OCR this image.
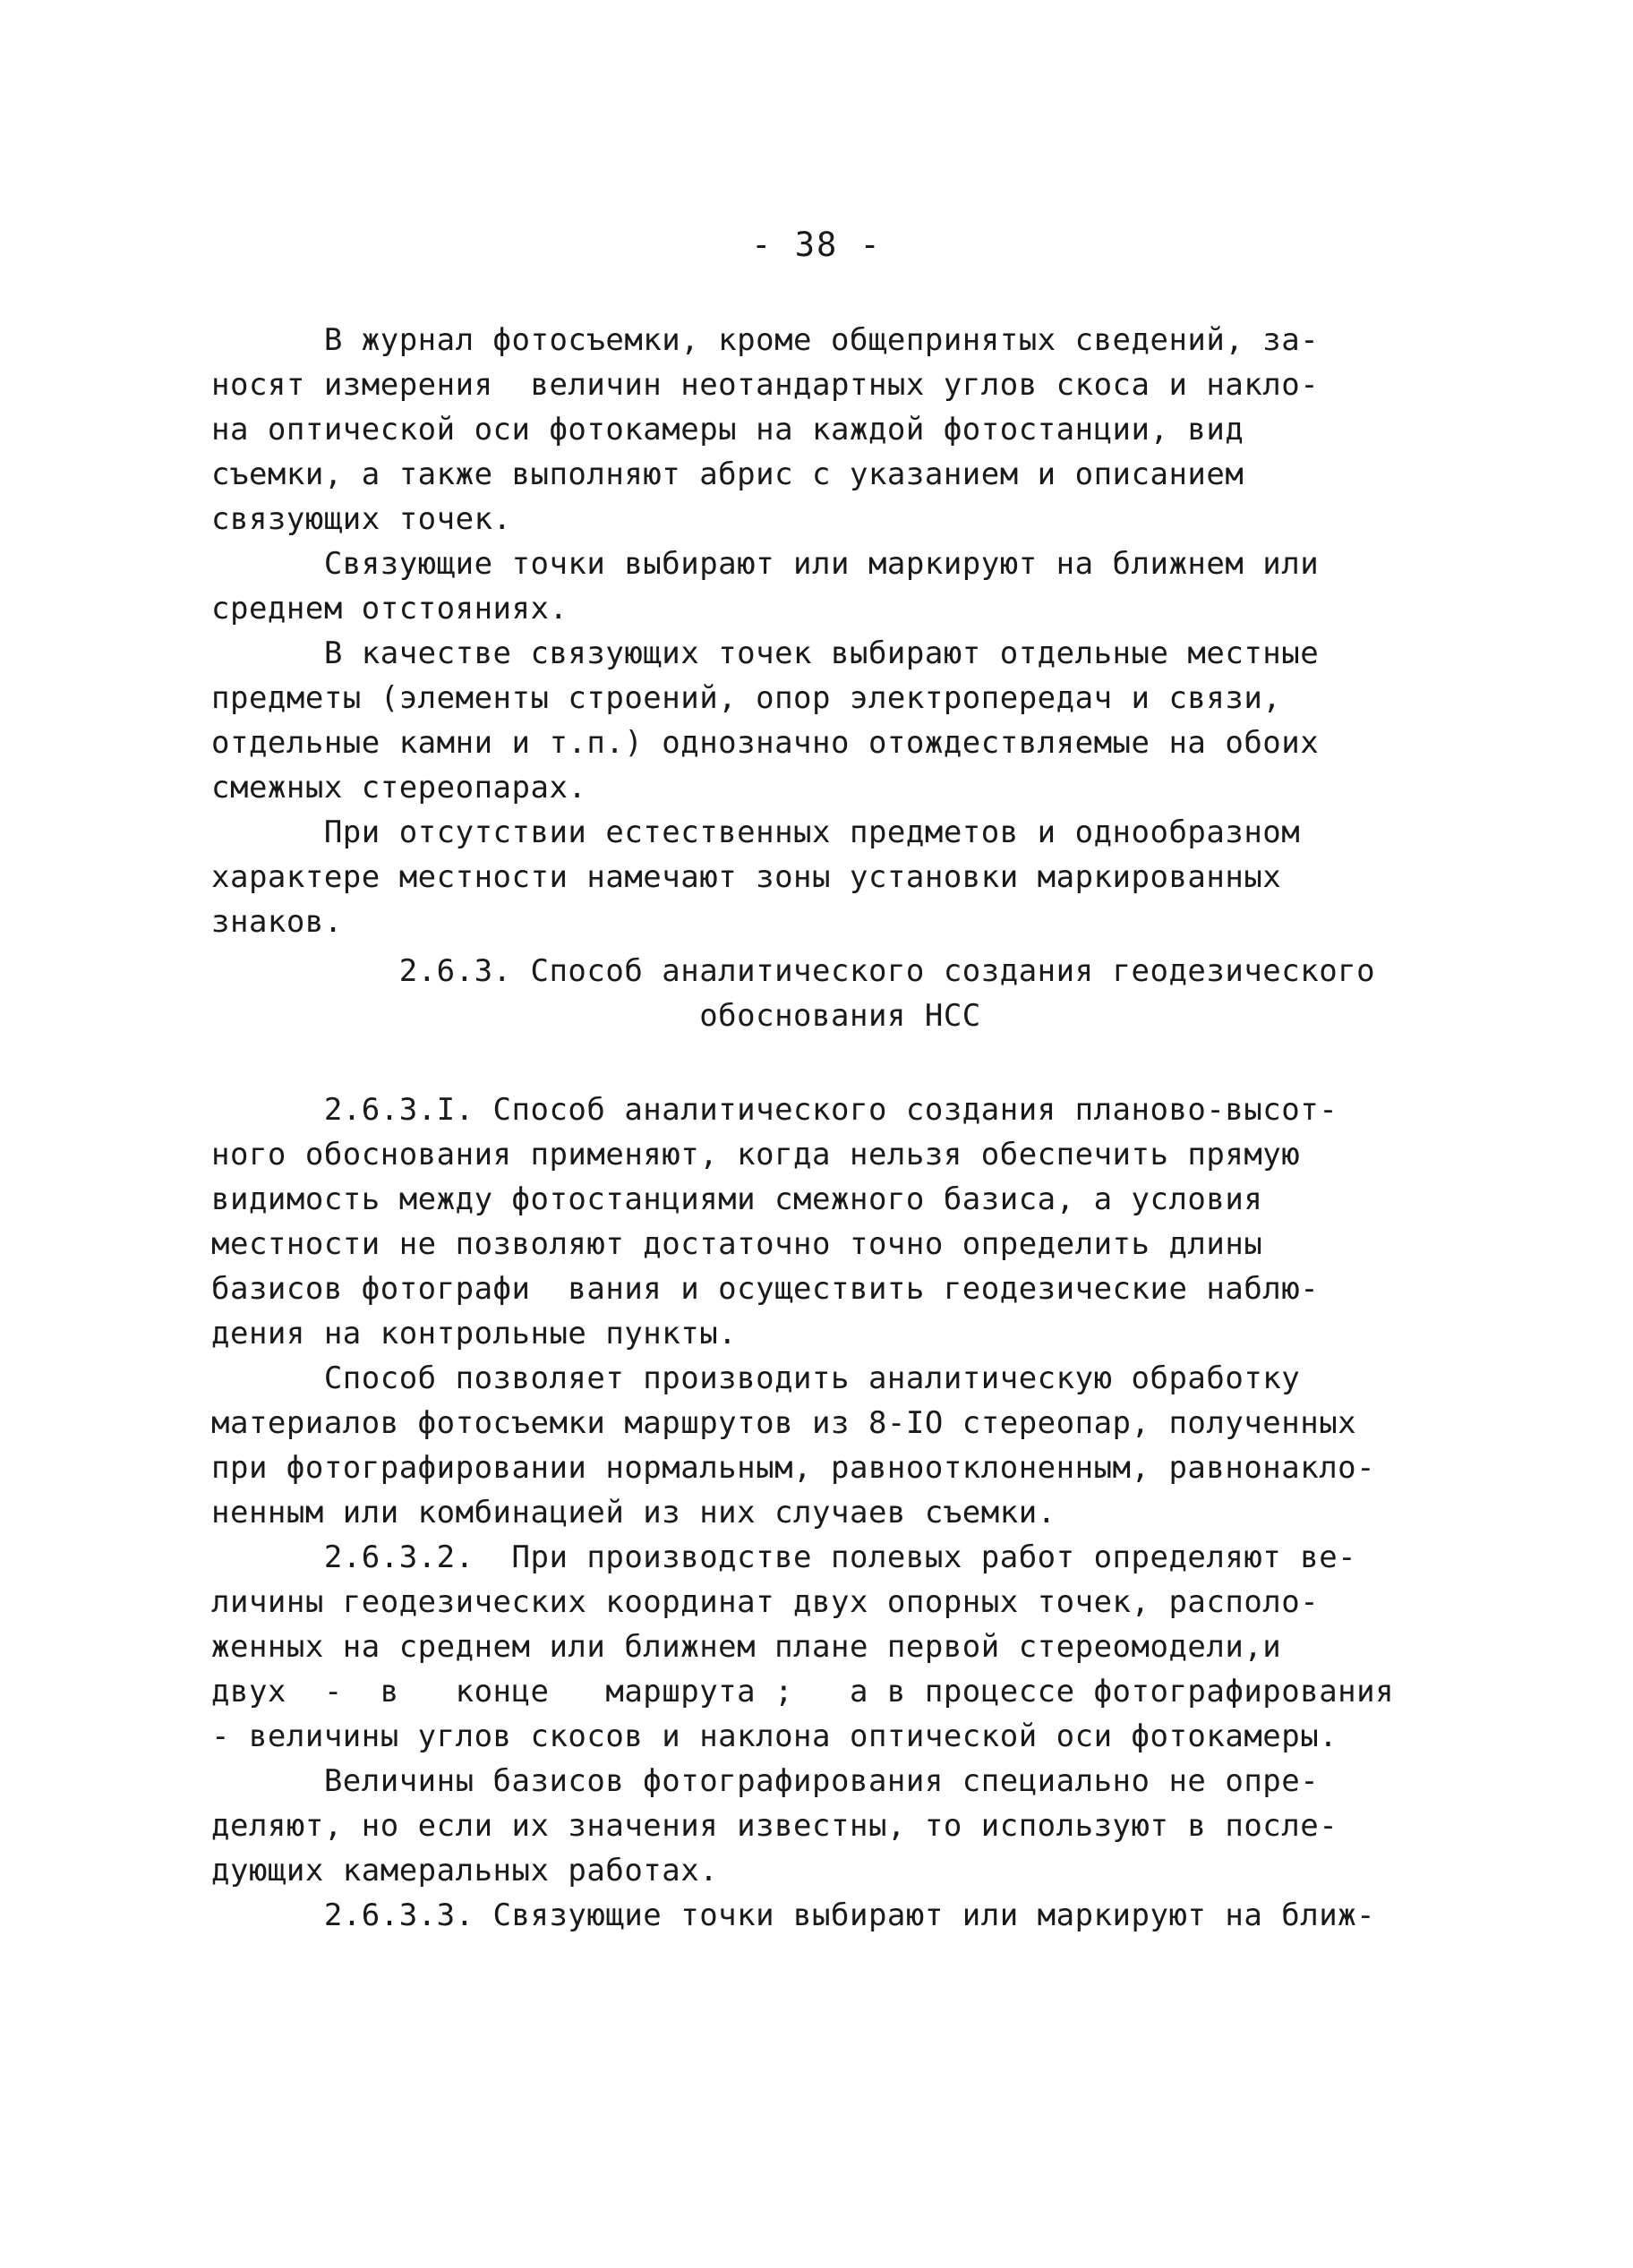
- 38 -
В журнал фотосъемки, кроме общепринятых сведений, за-
носят измерения  величин неотандартных углов скоса и накло-
на оптической оси фотокамеры на каждой фотостанции, вид
съемки, а также выполняют абрис с указанием и описанием
связующих точек.
Связующие точки выбирают или маркируют на ближнем или
среднем отстояниях.
В качестве связующих точек выбирают отдельные местные
предметы (элементы строений, опор электропередач и связи,
отдельные камни и т.п.) однозначно отождествляемые на обоих
смежных стереопарах.
При отсутствии естественных предметов и однообразном
характере местности намечают зоны установки маркированных
знаков.
2.6.3. Способ аналитического создания геодезического
обоснования НСС
2.6.3.I. Способ аналитического создания планово-высот-
ного обоснования применяют, когда нельзя обеспечить прямую
видимость между фотостанциями смежного базиса, а условия
местности не позволяют достаточно точно определить длины
базисов фотографи  вания и осуществить геодезические наблю-
дения на контрольные пункты.
Способ позволяет производить аналитическую обработку
материалов фотосъемки маршрутов из 8-IO стереопар, полученных
при фотографировании нормальным, равноотклоненным, равнонакло-
ненным или комбинацией из них случаев съемки.
2.6.3.2.  При производстве полевых работ определяют ве-
личины геодезических координат двух опорных точек, располо-
женных на среднем или ближнем плане первой стереомодели,и
двух  -  в   конце   маршрута ;   а в процессе фотографирования
- величины углов скосов и наклона оптической оси фотокамеры.
Величины базисов фотографирования специально не опре-
деляют, но если их значения известны, то используют в после-
дующих камеральных работах.
2.6.3.3. Связующие точки выбирают или маркируют на ближ-
